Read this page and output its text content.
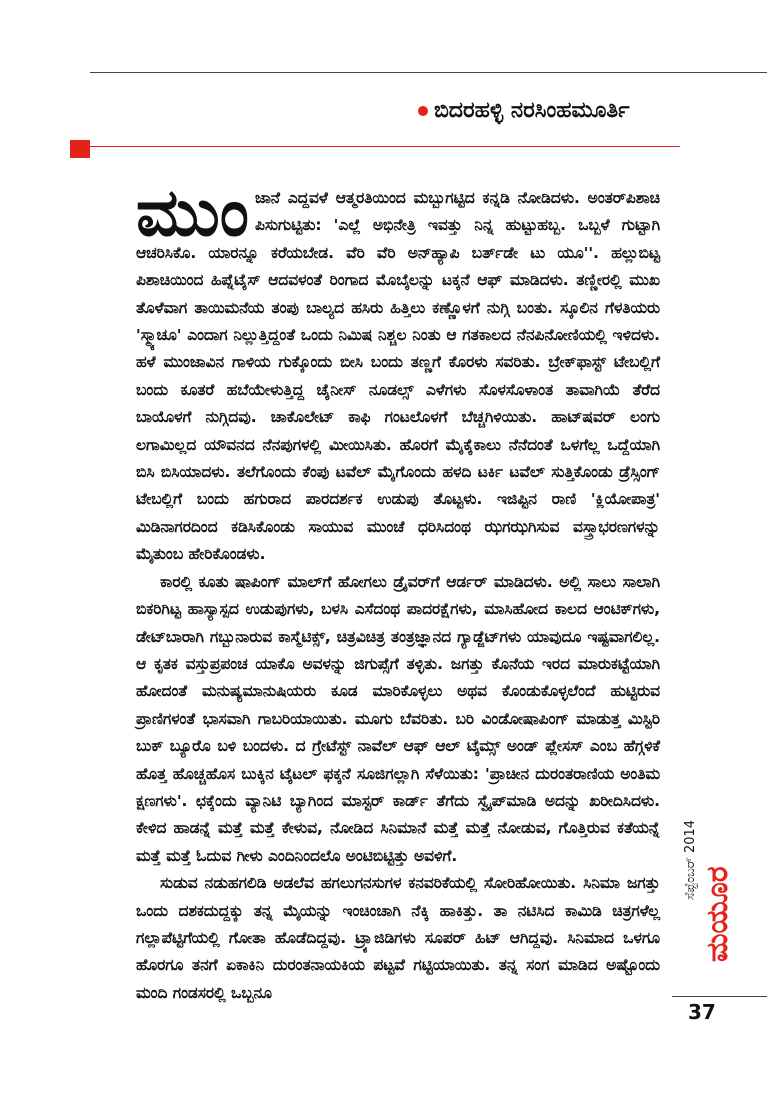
ಬಿದರಹಳ್ಳಿ ನರಸಿಂಹಮೂರ್ತಿ
ಮುಂ ಜಾನೆ ಎದ್ದವಳೆ ಆತ್ಮರತಿಯಿಂದ ಮಬ್ಬುಗಟ್ಟಿದ ಕನ್ನಡಿ ನೋಡಿದಳು. ಅಂತರ್‌ಪಿಶಾಚಿ ಪಿಸುಗುಟ್ಟಿತು: 'ಎಲ್ಲೆ ಅಭಿನೇತ್ರಿ ಇವತ್ತು ನಿನ್ನ ಹುಟ್ಟುಹಬ್ಬ. ಒಬ್ಬಳೆ ಗುಟ್ಟಾಗಿ ಆಚರಿಸಿಕೊ. ಯಾರನ್ನೂ ಕರೆಯಬೇಡ. ವೆರಿ ವೆರಿ ಅನ್‌ಹ್ಯಾಪಿ ಬರ್ತ್‌ಡೇ ಟು ಯೂ''. ಹಲ್ಲುಬಿಟ್ಟ ಪಿಶಾಚಿಯಿಂದ ಹಿಪ್ನೆಟೈಸ್ ಆದವಳಂತೆ ರಿಂಗಾದ ಮೊಬೈಲನ್ನು ಟಕ್ಕನೆ ಆಫ್ ಮಾಡಿದಳು. ತಣ್ಣೀರಲ್ಲಿ ಮುಖ ತೊಳೆವಾಗ ತಾಯಿಮನೆಯ ತಂಪು ಬಾಲ್ಯದ ಹಸಿರು ಹಿತ್ತಿಲು ಕಣ್ಣೊಳಗೆ ನುಗ್ಗಿ ಬಂತು. ಸ್ಕೂಲಿನ ಗೆಳತಿಯರು 'ಸ್ಮ್ಯಾಚೂ' ಎಂದಾಗ ನಿಲ್ಲುತ್ತಿದ್ದಂತೆ ಒಂದು ನಿಮಿಷ ನಿಶ್ಚಲ ನಿಂತು ಆ ಗತಕಾಲದ ನೆನಪಿನೋಣಿಯಲ್ಲಿ ಇಳಿದಳು. ಹಳೆ ಮುಂಜಾವಿನ ಗಾಳಿಯ ಗುಕ್ಕೊಂದು ಬೀಸಿ ಬಂದು ತಣ್ಣಗೆ ಕೊರಳು ಸವರಿತು. ಬ್ರೇಕ್‌ಫಾಸ್ಟ್ ಟೇಬಲ್ಲಿಗೆ ಬಂದು ಕೂತರೆ ಹಬೆಯೇಳುತ್ತಿದ್ದ ಚೈನೀಸ್ ನೂಡಲ್ಸ್ ಎಳೆಗಳು ಸೊಳಸೊಳಾಂತ ತಾವಾಗಿಯೆ ತೆರೆದ ಬಾಯೊಳಗೆ ನುಗ್ಗಿದವು. ಚಾಕೊಲೇಟ್ ಕಾಫಿ ಗಂಟಲೊಳಗೆ ಬೆಚ್ಚಗಿಳಿಯಿತು. ಹಾಟ್‌ಷವರ್ ಲಂಗು ಲಗಾಮಿಲ್ಲದ ಯೌವನದ ನೆನಪುಗಳಲ್ಲಿ ಮೀಯಿಸಿತು. ಹೊರಗೆ ಮೈಕೈಕಾಲು ನೆನೆದಂತೆ ಒಳಗೆಲ್ಲ ಒದ್ದೆಯಾಗಿ ಬಿಸಿ ಬಿಸಿಯಾದಳು. ತಲೆಗೊಂದು ಕೆಂಪು ಟವೆಲ್ ಮೈಗೊಂದು ಹಳದಿ ಟರ್ಕಿ ಟವೆಲ್ ಸುತ್ತಿಕೊಂಡು ಡ್ರೆಸ್ಸಿಂಗ್ ಟೇಬಲ್ಲಿಗೆ ಬಂದು ಹಗುರಾದ ಪಾರದರ್ಶಕ ಉಡುಪು ತೊಟ್ಟಳು. ಇಜಿಪ್ಟಿನ ರಾಣಿ 'ಕ್ಲಿಯೋಪಾತ್ರ' ಮಿಡಿನಾಗರದಿಂದ ಕಡಿಸಿಕೊಂಡು ಸಾಯುವ ಮುಂಚೆ ಧರಿಸಿದಂಥ ಝಗಝಗಿಸುವ ವಸ್ತ್ರಾಭರಣಗಳನ್ನು ಮೈತುಂಬ ಹೇರಿಕೊಂಡಳು.

ಕಾರಲ್ಲಿ ಕೂತು ಷಾಪಿಂಗ್ ಮಾಲ್‌ಗೆ ಹೋಗಲು ಡ್ರೈವರ್‌ಗೆ ಆರ್ಡರ್ ಮಾಡಿದಳು. ಅಲ್ಲಿ ಸಾಲು ಸಾಲಾಗಿ ಬಿಕರಿಗಿಟ್ಟ ಹಾಸ್ಯಾಸ್ಪದ ಉಡುಪುಗಳು, ಬಳಸಿ ಎಸೆದಂಥ ಪಾದರಕ್ಷೆಗಳು, ಮಾಸಿಹೋದ ಕಾಲದ ಆಂಟಿಕ್‌ಗಳು, ಡೇಟ್‌ಬಾರಾಗಿ ಗಬ್ಬುನಾರುವ ಕಾಸ್ಮೆಟಿಕ್ಸ್, ಚಿತ್ರವಿಚಿತ್ರ ತಂತ್ರಜ್ಞಾನದ ಗ್ಯಾಡ್ಜೆಟ್‌ಗಳು ಯಾವುದೂ ಇಷ್ಟವಾಗಲಿಲ್ಲ. ಆ ಕೃತಕ ವಸ್ತುಪ್ರಪಂಚ ಯಾಕೊ ಅವಳನ್ನು ಜಿಗುಪ್ಸೆಗೆ ತಳ್ಳಿತು. ಜಗತ್ತು ಕೊನೆಯ ಇರದ ಮಾರುಕಟ್ಟೆಯಾಗಿ ಹೋದಂತೆ ಮನುಷ್ಯಮಾನುಷಿಯರು ಕೂಡ ಮಾರಿಕೊಳ್ಳಲು ಅಥವ ಕೊಂಡುಕೊಳ್ಳಲೆಂದೆ ಹುಟ್ಟಿರುವ ಪ್ರಾಣಿಗಳಂತೆ ಭಾಸವಾಗಿ ಗಾಬರಿಯಾಯಿತು. ಮೂಗು ಬೆವರಿತು. ಬರಿ ವಿಂಡೋಷಾಪಿಂಗ್ ಮಾಡುತ್ತ ಮಿಸ್ಟಿರಿ ಬುಕ್ ಬ್ಯೂರೊ ಬಳಿ ಬಂದಳು. ದ ಗ್ರೇಟೆಸ್ಟ್ ನಾವೆಲ್ ಆಫ್ ಆಲ್ ಟೈಮ್ಸ್ ಅಂಡ್ ಪ್ಲೇಸಸ್ ಎಂಬ ಹೆಗ್ಗಳಿಕೆ ಹೊತ್ತ ಹೊಚ್ಚಹೊಸ ಬುಕ್ಕಿನ ಟೈಟಲ್ ಫಕ್ಕನೆ ಸೂಜಿಗಲ್ಲಾಗಿ ಸೆಳೆಯಿತು: 'ಪ್ರಾಚೀನ ದುರಂತರಾಣಿಯ ಅಂತಿಮ ಕ್ಷಣಗಳು'. ಛಕ್ಕೆಂದು ವ್ಯಾನಿಟಿ ಬ್ಯಾಗಿಂದ ಮಾಸ್ಟರ್ ಕಾರ್ಡ್ ತೆಗೆದು ಸ್ವೈಪ್‌ಮಾಡಿ ಅದನ್ನು ಖರೀದಿಸಿದಳು. ಕೇಳಿದ ಹಾಡನ್ನೆ ಮತ್ತೆ ಮತ್ತೆ ಕೇಳುವ, ನೋಡಿದ ಸಿನಿಮಾನೆ ಮತ್ತೆ ಮತ್ತೆ ನೋಡುವ, ಗೊತ್ತಿರುವ ಕತೆಯನ್ನೆ ಮತ್ತೆ ಮತ್ತೆ ಓದುವ ಗೀಳು ಎಂದಿನಿಂದಲೊ ಅಂಟಿಬಿಟ್ಟಿತ್ತು ಅವಳಿಗೆ.

ಸುಡುವ ನಡುಹಗಲಿಡಿ ಅಡಲೆವ ಹಗಲುಗನಸುಗಳ ಕನವರಿಕೆಯಲ್ಲಿ ಸೋರಿಹೋಯಿತು. ಸಿನಿಮಾ ಜಗತ್ತು ಒಂದು ದಶಕದುದ್ದಕ್ಕು ತನ್ನ ಮೈಯನ್ನು ಇಂಚಿಂಚಾಗಿ ನೆಕ್ಕಿ ಹಾಕಿತ್ತು. ತಾ ನಟಿಸಿದ ಕಾಮಿಡಿ ಚಿತ್ರಗಳೆಲ್ಲ ಗಲ್ಲಾಪೆಟ್ಟಿಗೆಯಲ್ಲಿ ಗೋತಾ ಹೊಡೆದಿದ್ದವು. ಟ್ರ್ಯಾಜಿಡಿಗಳು ಸೂಪರ್ ಹಿಟ್ ಆಗಿದ್ದವು. ಸಿನಿಮಾದ ಒಳಗೂ ಹೊರಗೂ ತನಗೆ ಏಕಾಕಿನಿ ದುರಂತನಾಯಕಿಯ ಪಟ್ಟವೆ ಗಟ್ಟಿಯಾಯಿತು. ತನ್ನ ಸಂಗ ಮಾಡಿದ ಅಷ್ಟೊಂದು ಮಂದಿ ಗಂಡಸರಲ್ಲಿ ಒಬ್ಬನೂ

ಸೆಪ್ಟೆಂಬರ್ 2014
ಮಯೂರ
37
